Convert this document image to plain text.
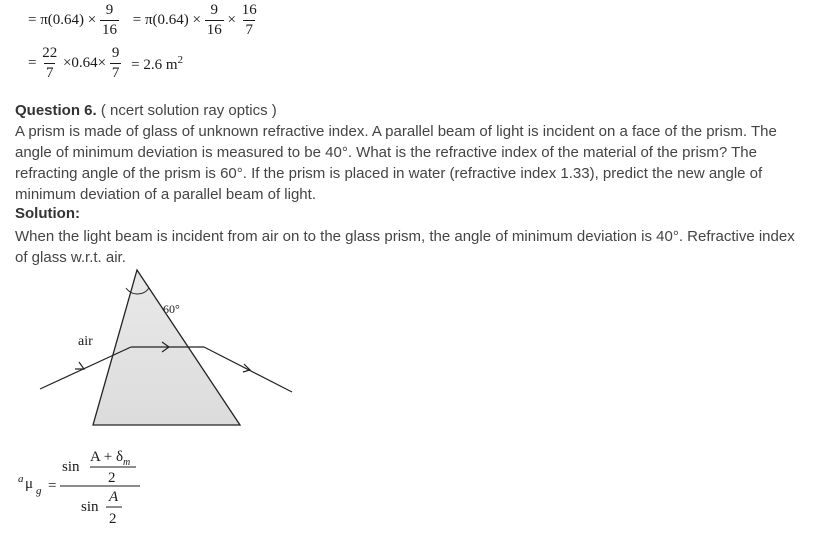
= $\pi(0.64) \times \frac{9}{16} = \pi(0.64) \times \frac{9}{16} \times \frac{16}{7}$
= $\frac{22}{7} \times 0.64\times \frac{9}{7} = 2.6$ $m^2$
Question 6. ( ncert solution ray optics )
A prism is made of glass of unknown refractive index. A parallel beam of light is incident on a face of the prism. The angle of minimum deviation is measured to be 40°. What is the refractive index of the material of the prism? The refracting angle of the prism is 60°. If the prism is placed in water (refractive index 1.33), predict the new angle of minimum deviation of a parallel beam of light.
Solution:
When the light beam is incident from air on to the glass prism, the angle of minimum deviation is 40°. Refractive index of glass w.r.t. air.
air
60°
a μ g =
sin
$A + \delta_m$
2
sin
A
2
